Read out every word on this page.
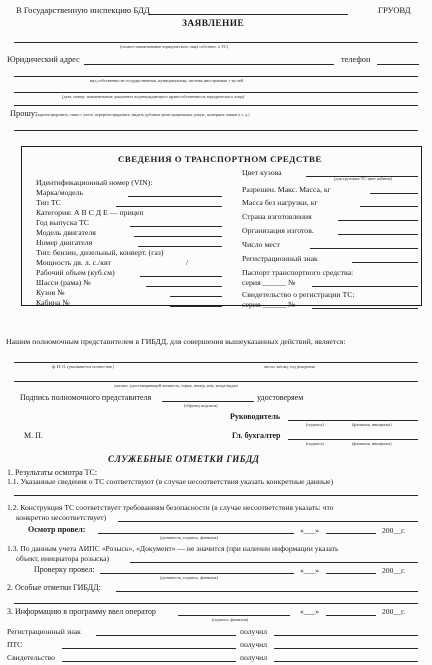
В Государственную инспекцию БДД	ГРУОВД
ЗАЯВЛЕНИЕ
(полное наименование юридического лица собствен. ч ТС)
Юридический адрес	телефон
вид собственности государственная, муниципальная, частная иностранная + тр.чей
(дата, номер, наименование документа подтверждающего правособственность юридического лица)
Прошу:
(зарегистрировать, снять с учета, перерегистрировать, выдать дубликат регистрационных докум., номерных знаков и т. д.)
СВЕДЕНИЯ О ТРАНСПОРТНОМ СРЕДСТВЕ
Идентификационный номер (VIN):
Марка/модель
Тип ТС
Категория: А В С Д Е — прицеп
Год выпуска ТС
Модель двигателя
Номер двигателя
Тип: бензин, дизельный, конверт. (газ)
Мощность дв. л. с./квт
Рабочий объем (куб.см)
Шасси (рама) №
Кузов №
Кабина №
/
Цвет кузова
Разрешен. Макс. Масса, кг
Масса без нагрузки, кг
Страна изготовления
Организация изготов.
Число мест
Регистрационный знак
Паспорт транспортного средства:
серия ______ №
Свидетельство о регистрации ТС:
серия ______ №
(для грузовых ТС-цвет кабины)
Нашим полномочным представителем в ГИБДД, для совершения вышеуказанных действий, является:
ф. И. О. (указывается полностью)	число, месяц, год рождения
указать: удостоверяющий личность, серия, номер, кем, когда выдан
Подпись полномочного представителя
(образец подписи)
удостоверяем
Руководитель
(подпись)	(фамилия, инициалы)
М. П.	Гл. бухгалтер
(подпись)	(фамилия, инициалы)
СЛУЖЕБНЫЕ ОТМЕТКИ ГИБДД
1. Результаты осмотра ТС:
1.1. Указанные сведения о ТС соответствуют (в случае несоответствия указать конкретные данные)
1.2. Конструкция ТС соответствует требованиям безопасности (в случае несоответствия указать: что
конкретно несоответствует)
Осмотр провел:
(должность, подпись, фамилия)
«___»	200__г.
1.3. По данным учета АИПС «Розыск», «Документ» — не значится (при наличии информации указать
объект, инициатора розыска)
Проверку провел:
(должность, подпись, фамилия)
«___»	200__г.
2. Особые отметки ГИБДД:
3. Информацию в программу ввел оператор
(подпись, фамилия)
«___»	200__г.
Регистрационный знак	получил
ПТС	получил
Свидетельство	получил
